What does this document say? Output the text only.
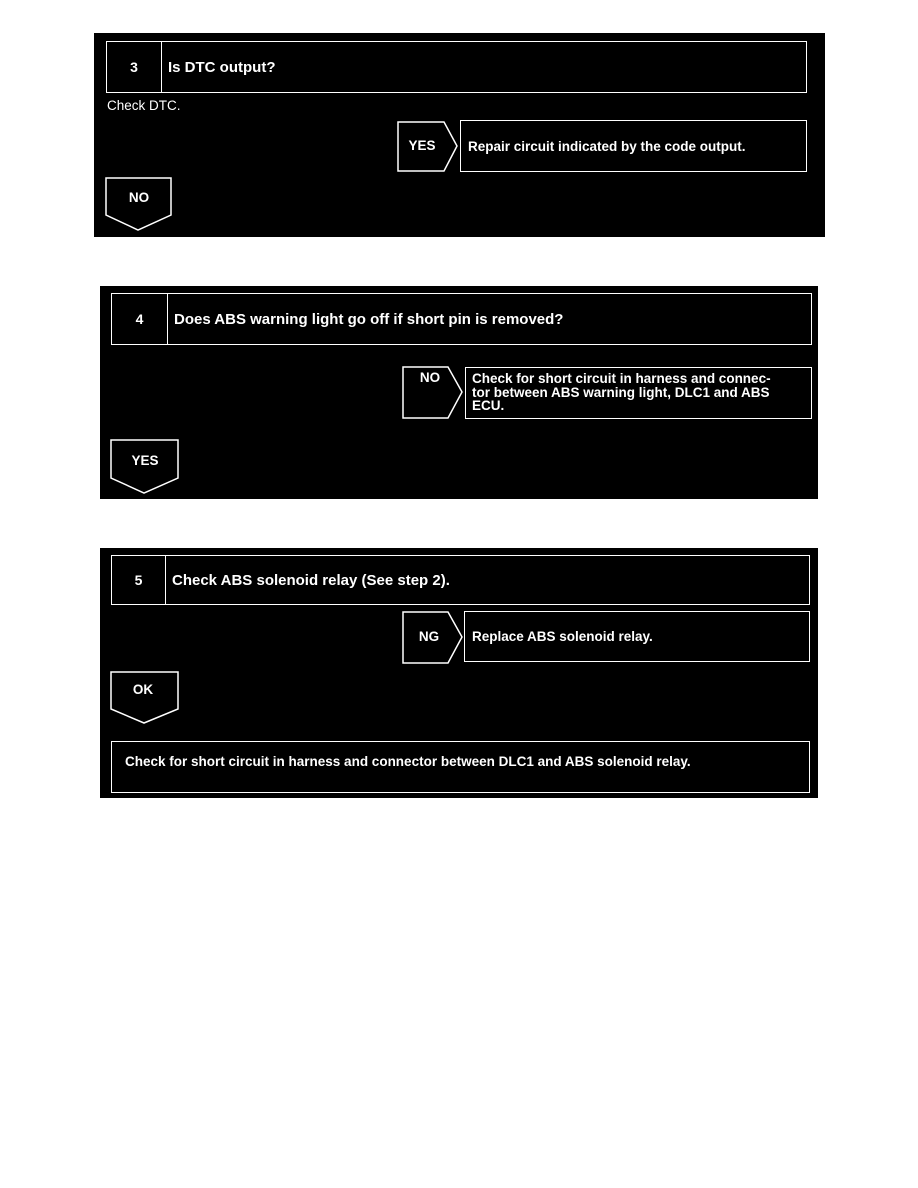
3	Is DTC output?
Check DTC.
YES	Repair circuit indicated by the code output.
NO
4	Does ABS warning light go off if short pin is removed?
NO	Check for short circuit in harness and connec-
tor between ABS warning light, DLC1 and ABS
ECU.
YES
5	Check ABS solenoid relay (See step 2).
NG	Replace ABS solenoid relay.
OK
Check for short circuit in harness and connector between DLC1 and ABS solenoid relay.
